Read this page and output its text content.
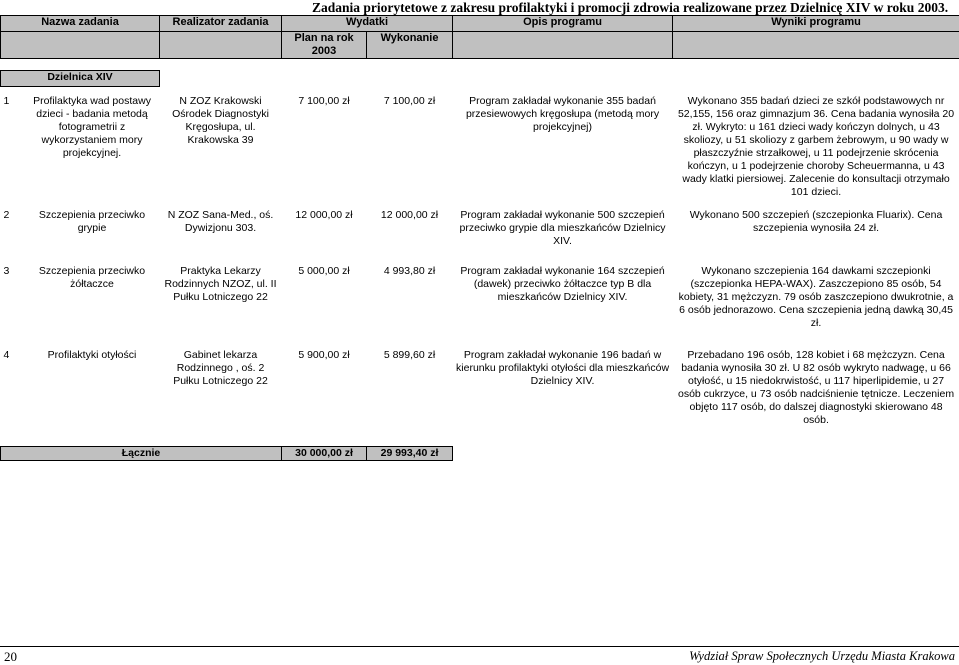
Zadania priorytetowe z zakresu profilaktyki i promocji zdrowia realizowane przez Dzielnicę XIV w roku 2003.
Nazwa zadania		Realizator zadania	Wydatki		Opis programu	Wyniki programu
			Plan na rok 2003	Wykonanie		

Dzielnica XIV						

1	Profilaktyka wad postawy dzieci - badania metodą fotogrametrii z wykorzystaniem mory projekcyjnej.	N ZOZ Krakowski Ośrodek Diagnostyki Kręgosłupa, ul. Krakowska 39	7 100,00 zł	7 100,00 zł	Program zakładał wykonanie 355 badań przesiewowych kręgosłupa (metodą mory projekcyjnej)	Wykonano 355 badań dzieci ze szkół podstawowych nr 52,155, 156 oraz gimnazjum 36. Cena badania wynosiła 20 zł. Wykryto: u 161 dzieci wady kończyn dolnych, u 43 skoliozy, u 51 skoliozy z garbem żebrowym, u 90 wady w płaszczyźnie strzałkowej, u 11 podejrzenie skrócenia kończyn, u 1 podejrzenie choroby Scheuermanna, u 43 wady klatki piersiowej. Zalecenie do konsultacji otrzymało 101 dzieci.
2	Szczepienia przeciwko grypie	N ZOZ Sana-Med., oś. Dywizjonu 303.	12 000,00 zł	12 000,00 zł	Program zakładał wykonanie 500 szczepień przeciwko grypie dla mieszkańców Dzielnicy XIV.	Wykonano 500 szczepień (szczepionka Fluarix). Cena szczepienia wynosiła 24 zł.
3	Szczepienia przeciwko żółtaczce	Praktyka Lekarzy Rodzinnych NZOZ, ul. II Pułku Lotniczego 22	5 000,00 zł	4 993,80 zł	Program zakładał wykonanie 164 szczepień (dawek) przeciwko żółtaczce typ B dla mieszkańców Dzielnicy XIV.	Wykonano szczepienia 164 dawkami szczepionki (szczepionka HEPA-WAX). Zaszczepiono 85 osób, 54 kobiety, 31 mężczyzn. 79 osób zaszczepiono dwukrotnie, a 6 osób jednorazowo. Cena szczepienia jedną dawką 30,45 zł.
4	Profilaktyki otyłości	Gabinet lekarza Rodzinnego , oś. 2 Pułku Lotniczego 22	5 900,00 zł	5 899,60 zł	Program zakładał wykonanie 196 badań w kierunku profilaktyki otyłości dla mieszkańców Dzielnicy XIV.	Przebadano 196 osób, 128 kobiet i 68 mężczyzn. Cena badania wynosiła 30 zł. U 82 osób wykryto nadwagę, u 66 otyłość, u 15 niedokrwistość, u 117 hiperlipidemie, u 27 osób cukrzyce, u 73 osób nadciśnienie tętnicze. Leczeniem objęto 117 osób, do dalszej diagnostyki skierowano 48 osób.
Łącznie			30 000,00 zł	29 993,40 zł		
20	Wydział Spraw Społecznych Urzędu Miasta Krakowa
